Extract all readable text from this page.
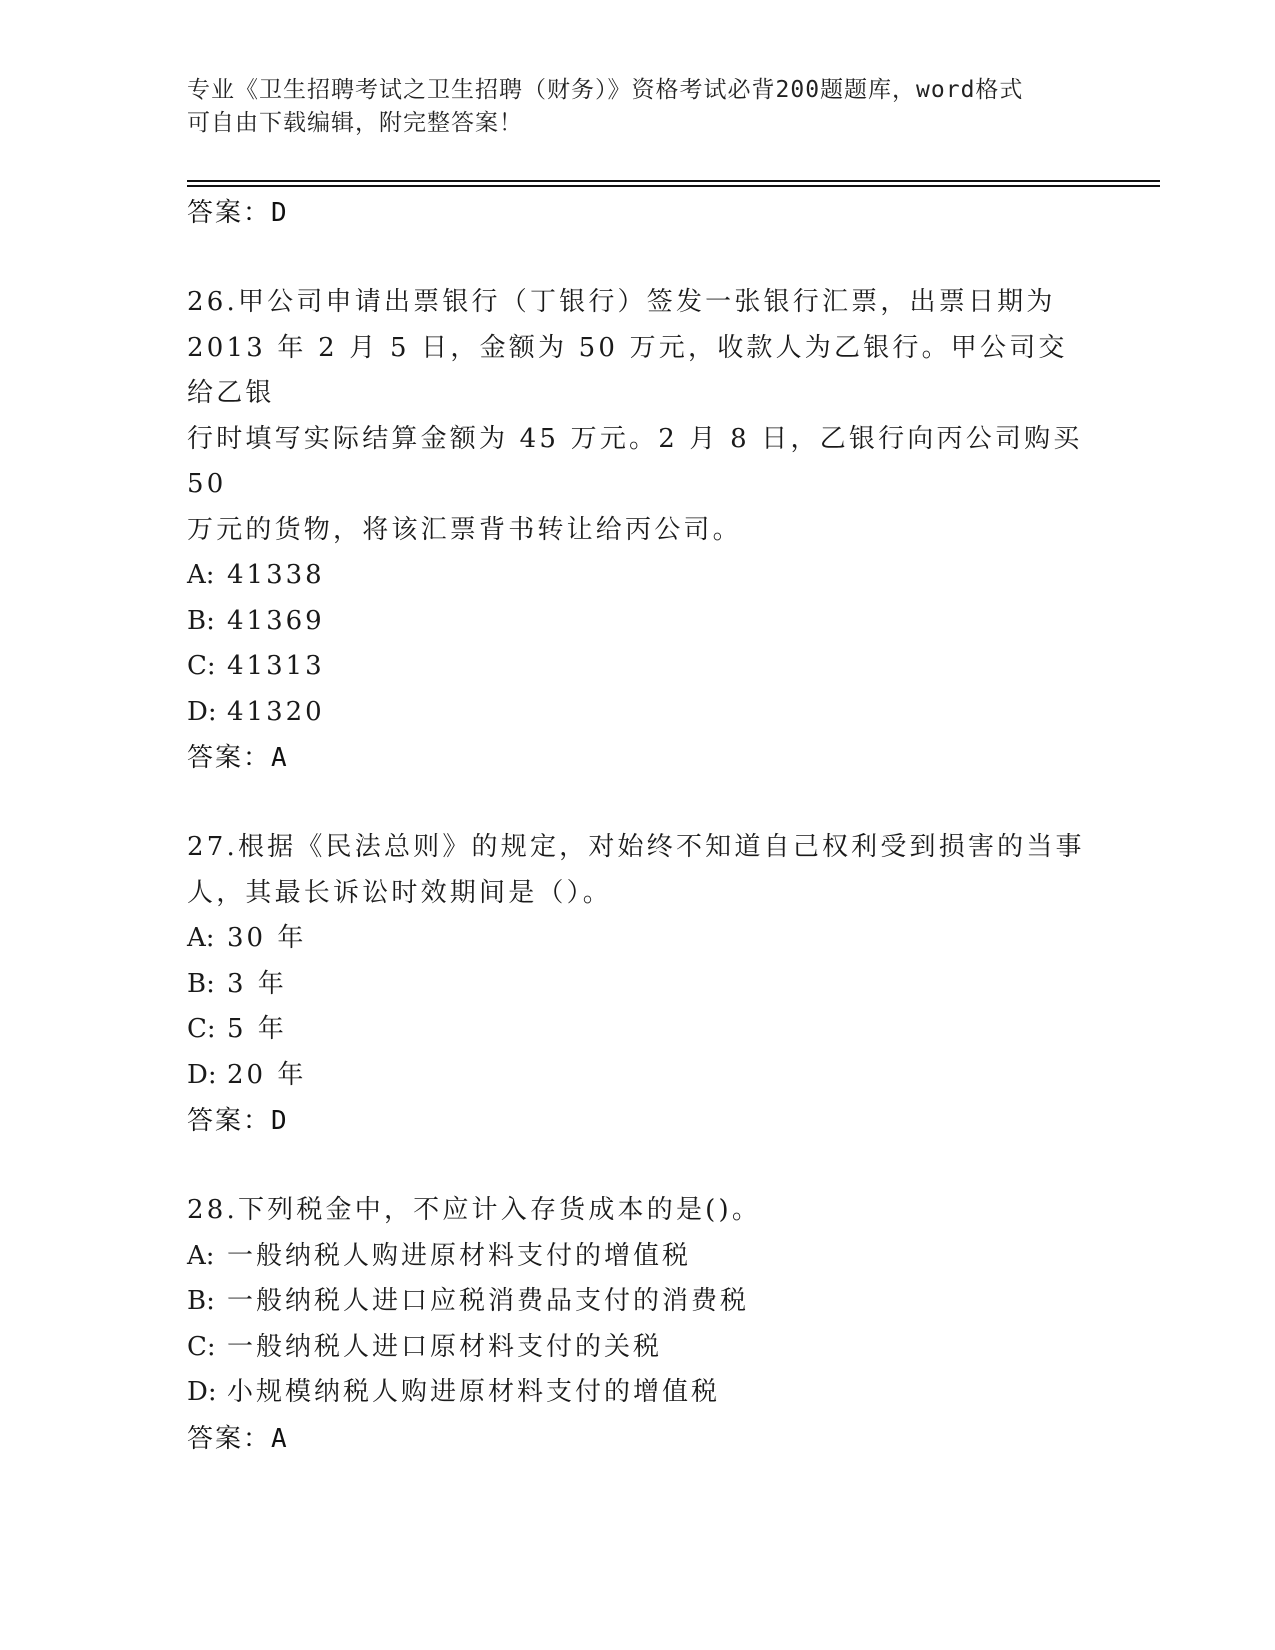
专业《卫生招聘考试之卫生招聘（财务）》资格考试必背200题题库，word格式
可自由下载编辑，附完整答案！
答案：D
26.甲公司申请出票银行（丁银行）签发一张银行汇票，出票日期为
2013 年 2 月 5 日，金额为 50 万元，收款人为乙银行。甲公司交给乙银
行时填写实际结算金额为 45 万元。2 月 8 日，乙银行向丙公司购买 50
万元的货物，将该汇票背书转让给丙公司。
A: 41338
B: 41369
C: 41313
D: 41320
答案：A
27.根据《民法总则》的规定，对始终不知道自己权利受到损害的当事
人，其最长诉讼时效期间是（）。
A: 30 年
B: 3 年
C: 5 年
D: 20 年
答案：D
28.下列税金中，不应计入存货成本的是()。
A: 一般纳税人购进原材料支付的增值税
B: 一般纳税人进口应税消费品支付的消费税
C: 一般纳税人进口原材料支付的关税
D: 小规模纳税人购进原材料支付的增值税
答案：A
